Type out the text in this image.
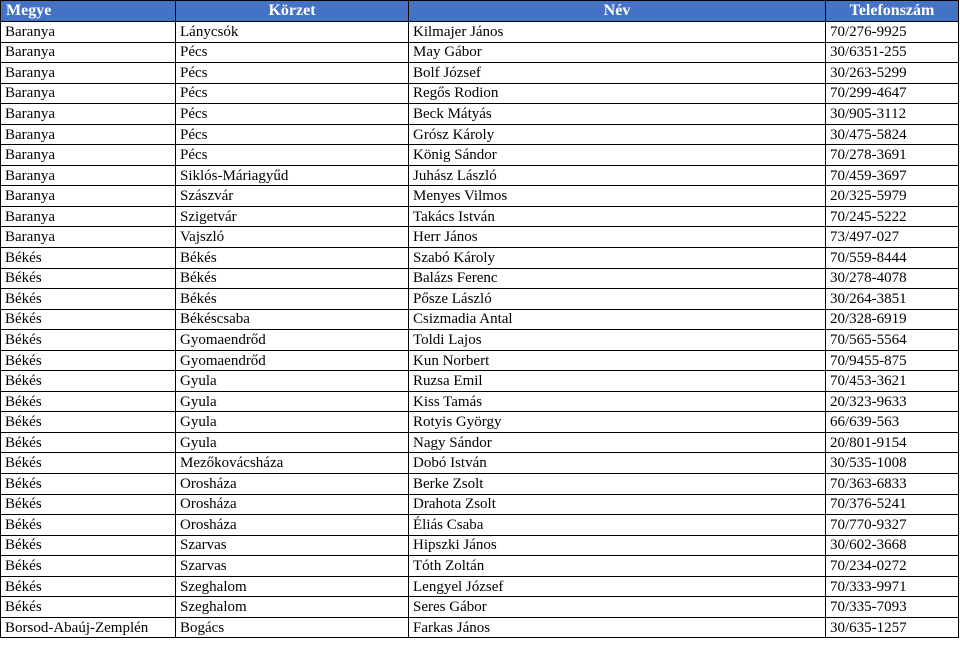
Megye	Körzet	Név	Telefonszám
Baranya	Lánycsók	Kilmajer János	70/276-9925
Baranya	Pécs	May Gábor	30/6351-255
Baranya	Pécs	Bolf József	30/263-5299
Baranya	Pécs	Regős Rodion	70/299-4647
Baranya	Pécs	Beck Mátyás	30/905-3112
Baranya	Pécs	Grósz Károly	30/475-5824
Baranya	Pécs	König Sándor	70/278-3691
Baranya	Siklós-Máriagyűd	Juhász László	70/459-3697
Baranya	Szászvár	Menyes Vilmos	20/325-5979
Baranya	Szigetvár	Takács István	70/245-5222
Baranya	Vajszló	Herr János	73/497-027
Békés	Békés	Szabó Károly	70/559-8444
Békés	Békés	Balázs Ferenc	30/278-4078
Békés	Békés	Pősze László	30/264-3851
Békés	Békéscsaba	Csizmadia Antal	20/328-6919
Békés	Gyomaendrőd	Toldi Lajos	70/565-5564
Békés	Gyomaendrőd	Kun Norbert	70/9455-875
Békés	Gyula	Ruzsa Emil	70/453-3621
Békés	Gyula	Kiss Tamás	20/323-9633
Békés	Gyula	Rotyis György	66/639-563
Békés	Gyula	Nagy Sándor	20/801-9154
Békés	Mezőkovácsháza	Dobó István	30/535-1008
Békés	Orosháza	Berke Zsolt	70/363-6833
Békés	Orosháza	Drahota Zsolt	70/376-5241
Békés	Orosháza	Éliás Csaba	70/770-9327
Békés	Szarvas	Hipszki János	30/602-3668
Békés	Szarvas	Tóth Zoltán	70/234-0272
Békés	Szeghalom	Lengyel József	70/333-9971
Békés	Szeghalom	Seres Gábor	70/335-7093
Borsod-Abaúj-Zemplén	Bogács	Farkas János	30/635-1257
